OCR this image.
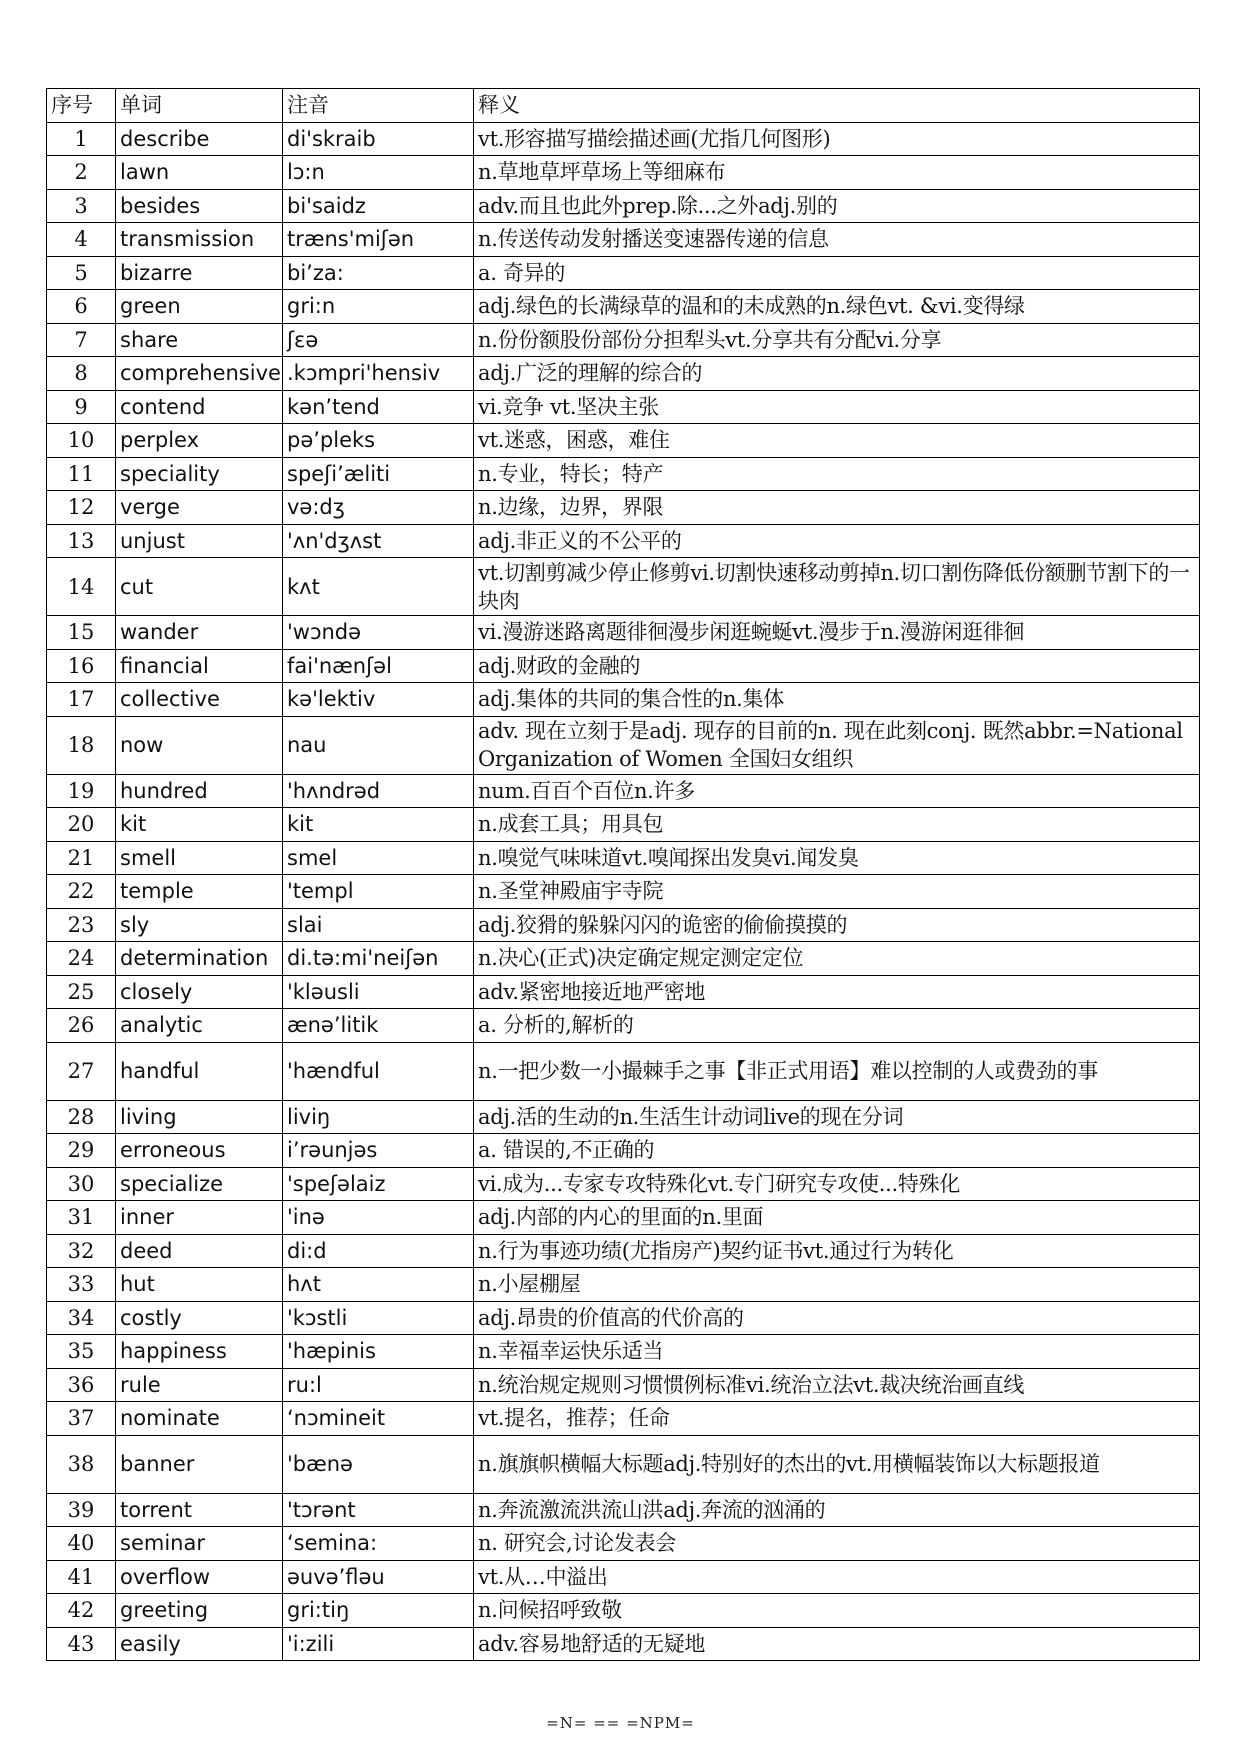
序号	单词	注音	释义
1	describe	di'skraib	vt.形容描写描绘描述画(尤指几何图形)
2	lawn	lɔ:n	n.草地草坪草场上等细麻布
3	besides	bi'saidz	adv.而且也此外prep.除...之外adj.别的
4	transmission	træns'miʃən	n.传送传动发射播送变速器传递的信息
5	bizarre	bi’za:	a. 奇异的
6	green	gri:n	adj.绿色的长满绿草的温和的未成熟的n.绿色vt. &vi.变得绿
7	share	ʃεə	n.份份额股份部份分担犁头vt.分享共有分配vi.分享
8	comprehensive	.kɔmpri'hensiv	adj.广泛的理解的综合的
9	contend	kən’tend	vi.竞争 vt.坚决主张
10	perplex	pə’pleks	vt.迷惑，困惑，难住
11	speciality	speʃi’æliti	n.专业，特长；特产
12	verge	və:dʒ	n.边缘，边界，界限
13	unjust	'ʌn'dʒʌst	adj.非正义的不公平的
14	cut	kʌt	vt.切割剪减少停止修剪vi.切割快速移动剪掉n.切口割伤降低份额删节割下的一块肉
15	wander	'wɔndə	vi.漫游迷路离题徘徊漫步闲逛蜿蜒vt.漫步于n.漫游闲逛徘徊
16	financial	fai'nænʃəl	adj.财政的金融的
17	collective	kə'lektiv	adj.集体的共同的集合性的n.集体
18	now	nau	adv. 现在立刻于是adj. 现存的目前的n. 现在此刻conj. 既然abbr.=National Organization of Women 全国妇女组织
19	hundred	'hʌndrəd	num.百百个百位n.许多
20	kit	kit	n.成套工具；用具包
21	smell	smel	n.嗅觉气味味道vt.嗅闻探出发臭vi.闻发臭
22	temple	'templ	n.圣堂神殿庙宇寺院
23	sly	slai	adj.狡猾的躲躲闪闪的诡密的偷偷摸摸的
24	determination	di.tə:mi'neiʃən	n.决心(正式)决定确定规定测定定位
25	closely	'kləusli	adv.紧密地接近地严密地
26	analytic	ænə’litik	a. 分析的,解析的
27	handful	'hændful	n.一把少数一小撮棘手之事【非正式用语】难以控制的人或费劲的事
28	living	liviŋ	adj.活的生动的n.生活生计动词live的现在分词
29	erroneous	i’rəunjəs	a. 错误的,不正确的
30	specialize	'speʃəlaiz	vi.成为...专家专攻特殊化vt.专门研究专攻使...特殊化
31	inner	'inə	adj.内部的内心的里面的n.里面
32	deed	di:d	n.行为事迹功绩(尤指房产)契约证书vt.通过行为转化
33	hut	hʌt	n.小屋棚屋
34	costly	'kɔstli	adj.昂贵的价值高的代价高的
35	happiness	'hæpinis	n.幸福幸运快乐适当
36	rule	ru:l	n.统治规定规则习惯惯例标准vi.统治立法vt.裁决统治画直线
37	nominate	‘nɔmineit	vt.提名，推荐；任命
38	banner	'bænə	n.旗旗帜横幅大标题adj.特别好的杰出的vt.用横幅装饰以大标题报道
39	torrent	'tɔrənt	n.奔流激流洪流山洪adj.奔流的汹涌的
40	seminar	‘semina:	n. 研究会,讨论发表会
41	overflow	əuvə’fləu	vt.从…中溢出
42	greeting	gri:tiŋ	n.问候招呼致敬
43	easily	'i:zili	adv.容易地舒适的无疑地
=N= == =NPM=
